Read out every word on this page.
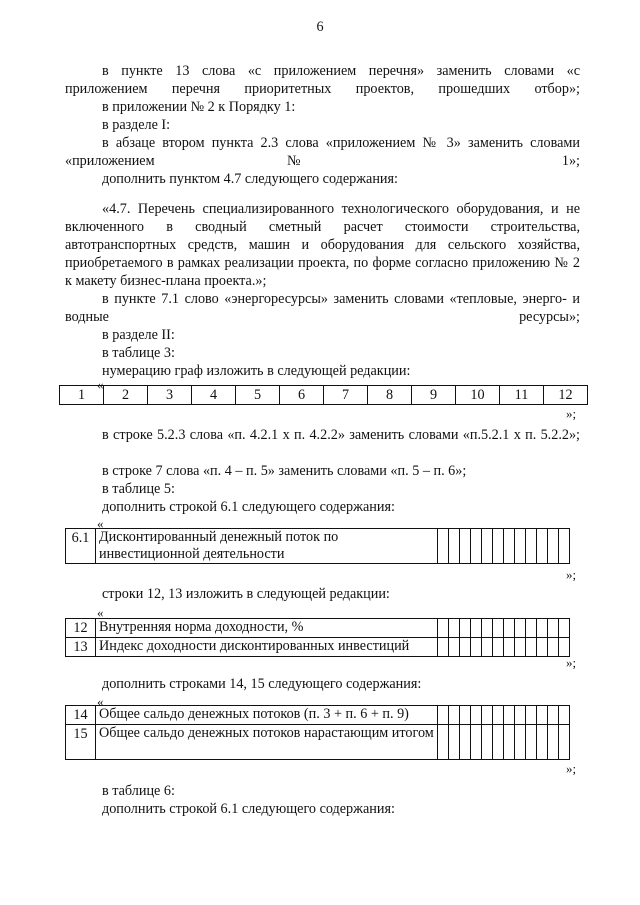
6
в пункте 13 слова «с приложением перечня» заменить словами «с приложением перечня приоритетных проектов, прошедших отбор»;
в приложении № 2 к Порядку 1:
в разделе I:
в абзаце втором пункта 2.3 слова «приложением № 3» заменить словами «приложением № 1»;
дополнить пунктом 4.7 следующего содержания:
«4.7. Перечень специализированного технологического оборудования, и не включенного в сводный сметный расчет стоимости строительства, автотранспортных средств, машин и оборудования для сельского хозяйства, приобретаемого в рамках реализации проекта, по форме согласно приложению № 2 к макету бизнес-плана проекта.»;
в пункте 7.1 слово «энергоресурсы» заменить словами «тепловые, энерго- и водные ресурсы»;
в разделе II:
в таблице 3:
нумерацию граф изложить в следующей редакции:
«
1	2	3	4	5	6	7	8	9	10	11	12
»;
в строке 5.2.3 слова «п. 4.2.1 х п. 4.2.2» заменить словами «п.5.2.1 х п. 5.2.2»;
в строке 7 слова «п. 4 – п. 5» заменить словами «п. 5 – п. 6»;
в таблице 5:
дополнить строкой 6.1 следующего содержания:
«
6.1	Дисконтированный денежный поток по инвестиционной деятельности												
»;
строки 12, 13 изложить в следующей редакции:
«
12	Внутренняя норма доходности, %												
13	Индекс доходности дисконтированных инвестиций												
»;
дополнить строками 14, 15 следующего содержания:
«
14	Общее сальдо денежных потоков (п. 3 + п. 6 + п. 9)												
15	Общее сальдо денежных потоков нарастающим итогом												
»;
в таблице 6:
дополнить строкой 6.1 следующего содержания:
